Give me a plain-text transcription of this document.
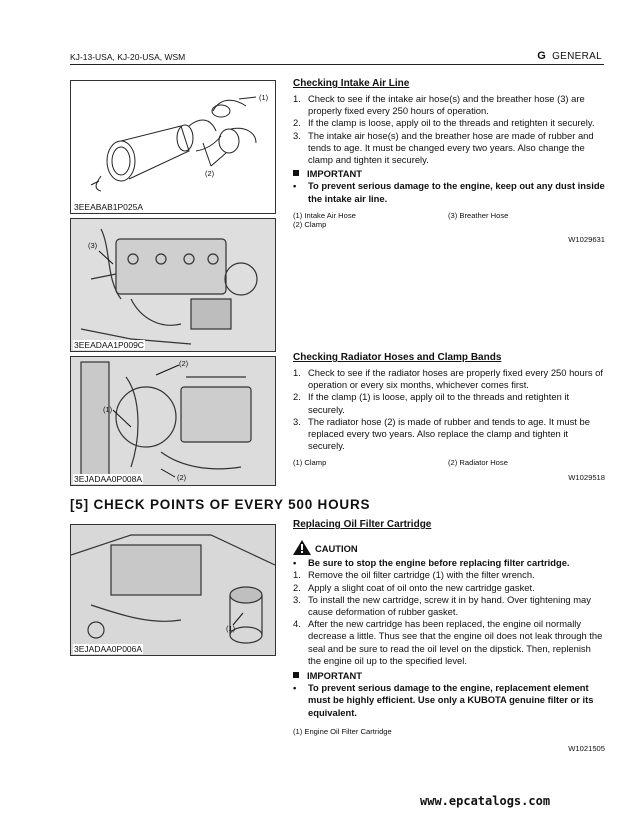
KJ-13-USA, KJ-20-USA, WSM	G GENERAL
(1)
(2)
3EEABAB1P025A
(3)
3EEADAA1P009C
Checking Intake Air Line
1. Check to see if the intake air hose(s) and the breather hose (3) are properly fixed every 250 hours of operation.
2. If the clamp is loose, apply oil to the threads and retighten it securely.
3. The intake air hose(s) and the breather hose are made of rubber and tends to age. It must be changed every two years. Also change the clamp and tighten it securely.
IMPORTANT
• To prevent serious damage to the engine, keep out any dust inside the intake air line.
(1) Intake Air Hose
(2) Clamp
(3) Breather Hose
W1029631
(2)
(1)
(2)
3EJADAA0P008A
Checking Radiator Hoses and Clamp Bands
1. Check to see if the radiator hoses are properly fixed every 250 hours of operation or every six months, whichever comes first.
2. If the clamp (1) is loose, apply oil to the threads and retighten it securely.
3. The radiator hose (2) is made of rubber and tends to age. It must be replaced every two years. Also replace the clamp and tighten it securely.
(1) Clamp	(2) Radiator Hose
W1029518
[5] CHECK POINTS OF EVERY 500 HOURS
(1)
3EJADAA0P006A
Replacing Oil Filter Cartridge
CAUTION
• Be sure to stop the engine before replacing filter cartridge.
1. Remove the oil filter cartridge (1) with the filter wrench.
2. Apply a slight coat of oil onto the new cartridge gasket.
3. To install the new cartridge, screw it in by hand. Over tightening may cause deformation of rubber gasket.
4. After the new cartridge has been replaced, the engine oil normally decrease a little. Thus see that the engine oil does not leak through the seal and be sure to read the oil level on the dipstick. Then, replenish the engine oil up to the specified level.
IMPORTANT
• To prevent serious damage to the engine, replacement element must be highly efficient. Use only a KUBOTA genuine filter or its equivalent.
(1) Engine Oil Filter Cartridge
W1021505
www.epcatalogs.com
